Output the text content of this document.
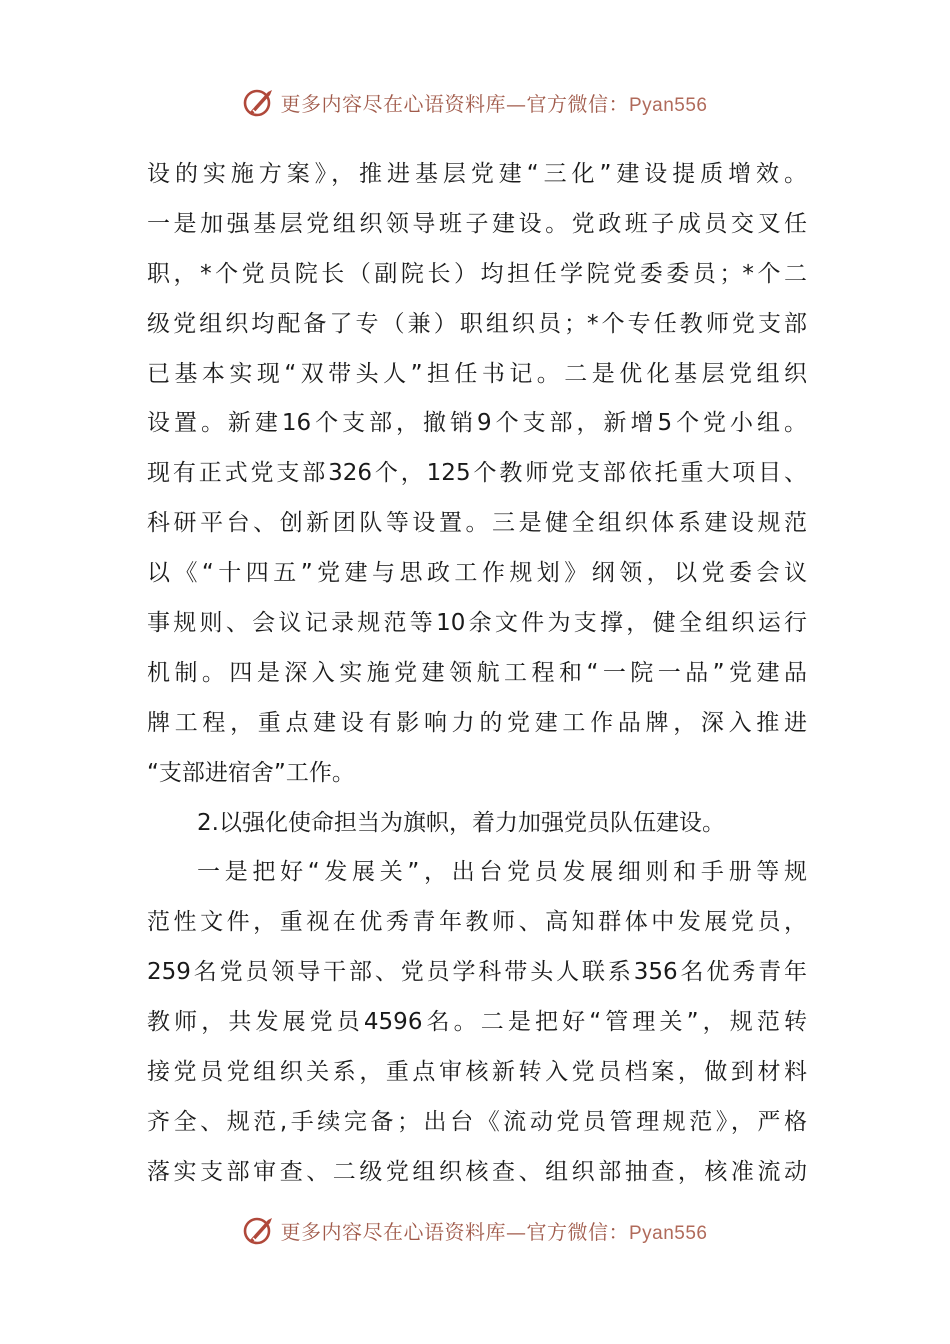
更多内容尽在心语资料库—官方微信：Pyan556
设的实施方案》，推进基层党建“三化”建设提质增效。
一是加强基层党组织领导班子建设。党政班子成员交叉任
职，*个党员院长（副院长）均担任学院党委委员；*个二
级党组织均配备了专（兼）职组织员；*个专任教师党支部
已基本实现“双带头人”担任书记。二是优化基层党组织
设置。新建16个支部，撤销9个支部，新增5个党小组。
现有正式党支部326个，125个教师党支部依托重大项目、
科研平台、创新团队等设置。三是健全组织体系建设规范
以《“十四五”党建与思政工作规划》纲领，以党委会议
事规则、会议记录规范等10余文件为支撑，健全组织运行
机制。四是深入实施党建领航工程和“一院一品”党建品
牌工程，重点建设有影响力的党建工作品牌，深入推进
“支部进宿舍”工作。
2.以强化使命担当为旗帜，着力加强党员队伍建设。
一是把好“发展关”，出台党员发展细则和手册等规
范性文件，重视在优秀青年教师、高知群体中发展党员，
259名党员领导干部、党员学科带头人联系356名优秀青年
教师，共发展党员4596名。二是把好“管理关”，规范转
接党员党组织关系，重点审核新转入党员档案，做到材料
齐全、规范,手续完备；出台《流动党员管理规范》，严格
落实支部审查、二级党组织核查、组织部抽查，核准流动
更多内容尽在心语资料库—官方微信：Pyan556
